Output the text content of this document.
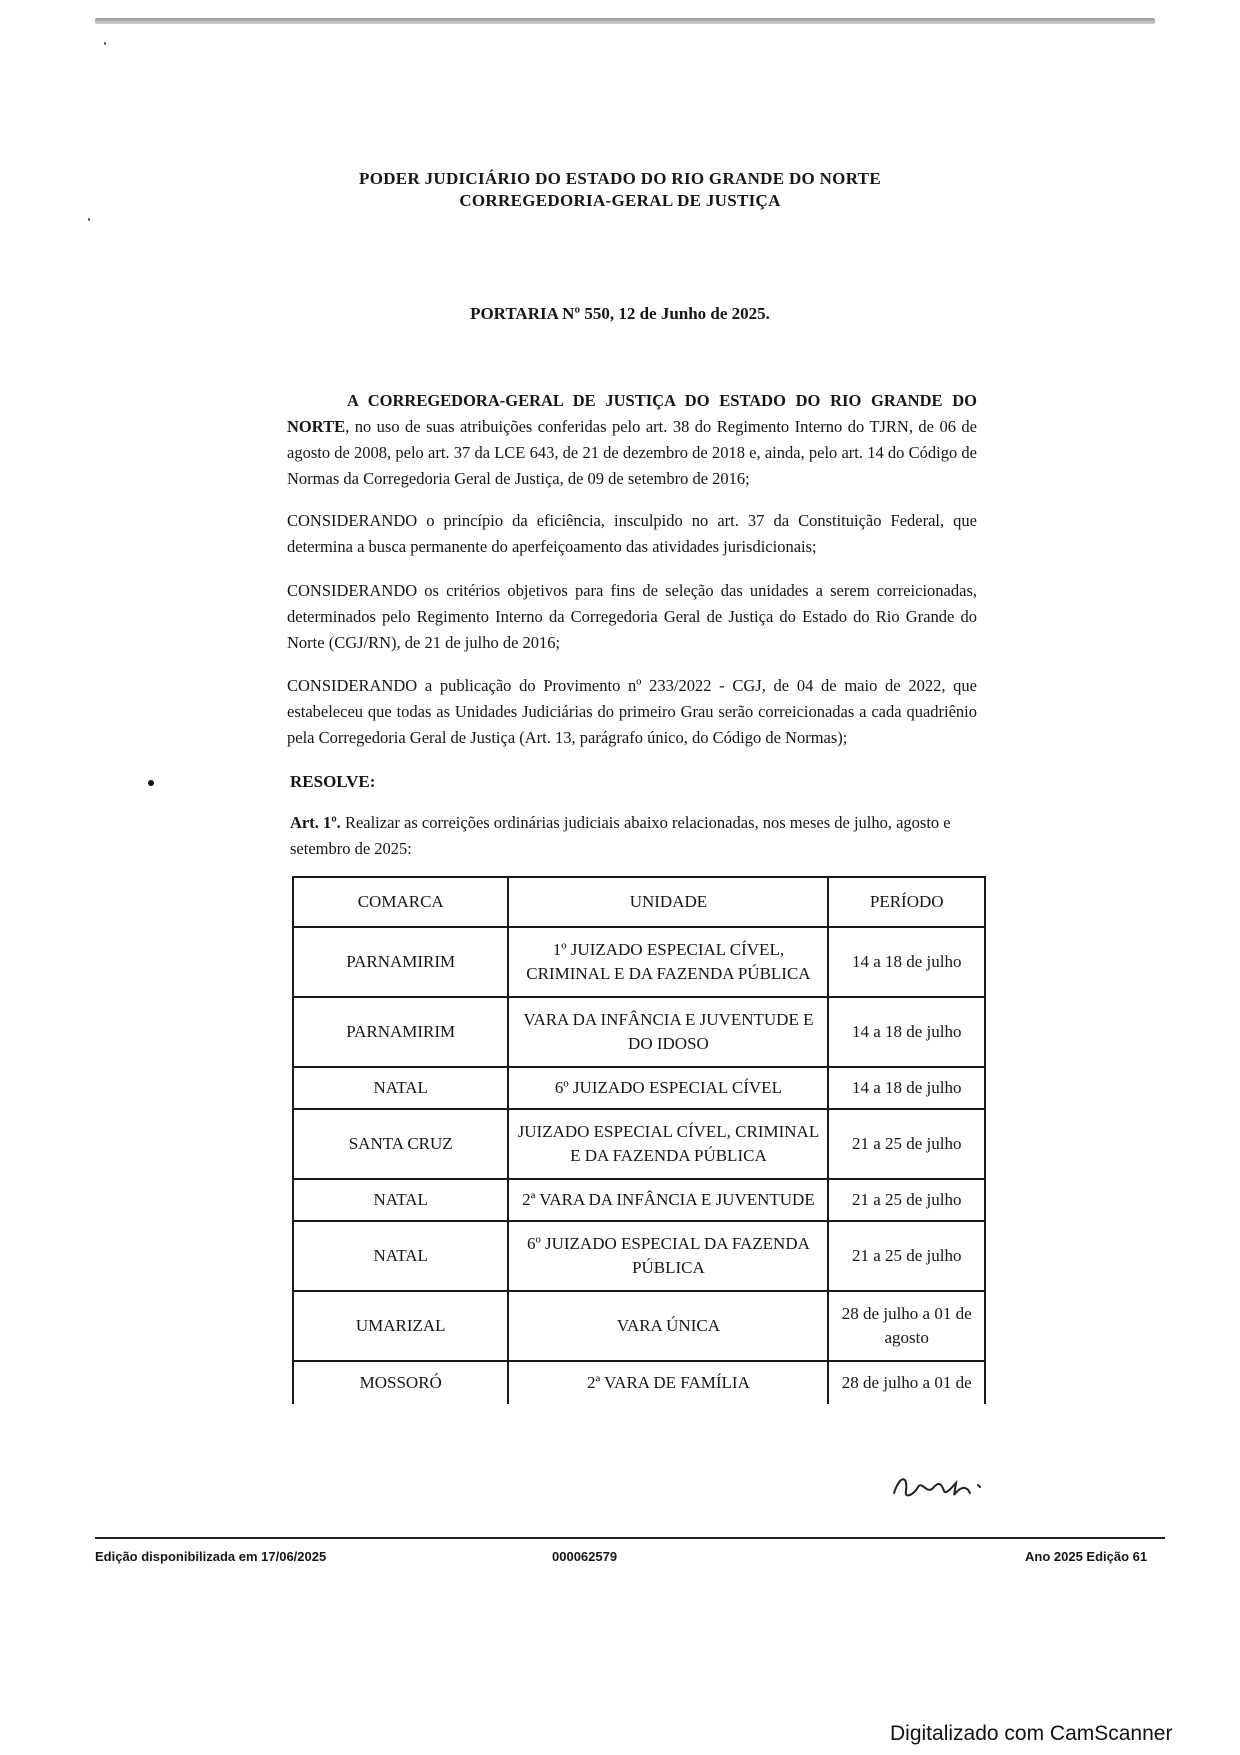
PODER JUDICIÁRIO DO ESTADO DO RIO GRANDE DO NORTE
CORREGEDORIA-GERAL DE JUSTIÇA
PORTARIA Nº 550, 12 de Junho de 2025.
A CORREGEDORA-GERAL DE JUSTIÇA DO ESTADO DO RIO GRANDE DO NORTE, no uso de suas atribuições conferidas pelo art. 38 do Regimento Interno do TJRN, de 06 de agosto de 2008, pelo art. 37 da LCE 643, de 21 de dezembro de 2018 e, ainda, pelo art. 14 do Código de Normas da Corregedoria Geral de Justiça, de 09 de setembro de 2016;
CONSIDERANDO o princípio da eficiência, insculpido no art. 37 da Constituição Federal, que determina a busca permanente do aperfeiçoamento das atividades jurisdicionais;
CONSIDERANDO os critérios objetivos para fins de seleção das unidades a serem correicionadas, determinados pelo Regimento Interno da Corregedoria Geral de Justiça do Estado do Rio Grande do Norte (CGJ/RN), de 21 de julho de 2016;
CONSIDERANDO a publicação do Provimento nº 233/2022 - CGJ, de 04 de maio de 2022, que estabeleceu que todas as Unidades Judiciárias do primeiro Grau serão correicionadas a cada quadriênio pela Corregedoria Geral de Justiça (Art. 13, parágrafo único, do Código de Normas);
RESOLVE:
Art. 1º. Realizar as correições ordinárias judiciais abaixo relacionadas, nos meses de julho, agosto e setembro de 2025:
COMARCA	UNIDADE	PERÍODO
PARNAMIRIM	1º JUIZADO ESPECIAL CÍVEL, CRIMINAL E DA FAZENDA PÚBLICA	14 a 18 de julho
PARNAMIRIM	VARA DA INFÂNCIA E JUVENTUDE E DO IDOSO	14 a 18 de julho
NATAL	6º JUIZADO ESPECIAL CÍVEL	14 a 18 de julho
SANTA CRUZ	JUIZADO ESPECIAL CÍVEL, CRIMINAL E DA FAZENDA PÚBLICA	21 a 25 de julho
NATAL	2ª VARA DA INFÂNCIA E JUVENTUDE	21 a 25 de julho
NATAL	6º JUIZADO ESPECIAL DA FAZENDA PÚBLICA	21 a 25 de julho
UMARIZAL	VARA ÚNICA	28 de julho a 01 de agosto
MOSSORÓ	2ª VARA DE FAMÍLIA	28 de julho a 01 de
Edição disponibilizada em 17/06/2025	000062579	Ano 2025 Edição 61
Digitalizado com CamScanner
